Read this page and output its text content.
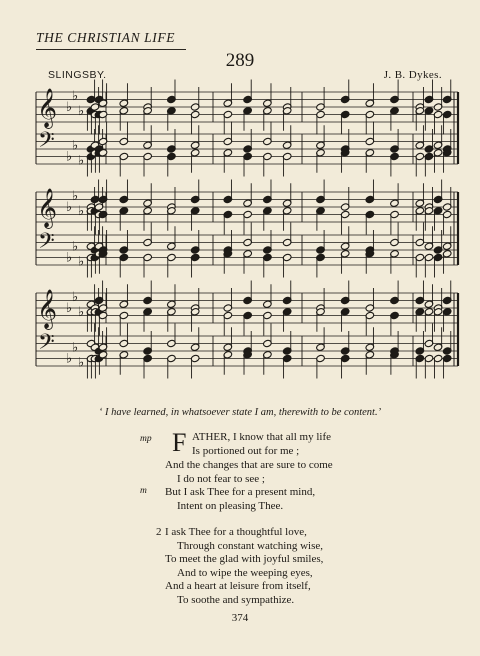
THE CHRISTIAN LIFE
289
SLINGSBY.	J. B. Dykes.
𝄞
𝄢
♭
♭
♭
♭
♭
♭
𝄞
𝄢
♭
♭
♭
♭
♭
♭
𝄞
𝄢
♭
♭
♭
♭
♭
♭
‘ I have learned, in whatsoever state I am, therewith to be content.’
mp F ATHER, I know that all my life
Is portioned out for me ;
And the changes that are sure to come
I do not fear to see ;
m But I ask Thee for a present mind,
Intent on pleasing Thee.
2 I ask Thee for a thoughtful love,
Through constant watching wise,
To meet the glad with joyful smiles,
And to wipe the weeping eyes,
And a heart at leisure from itself,
To soothe and sympathize.
374
